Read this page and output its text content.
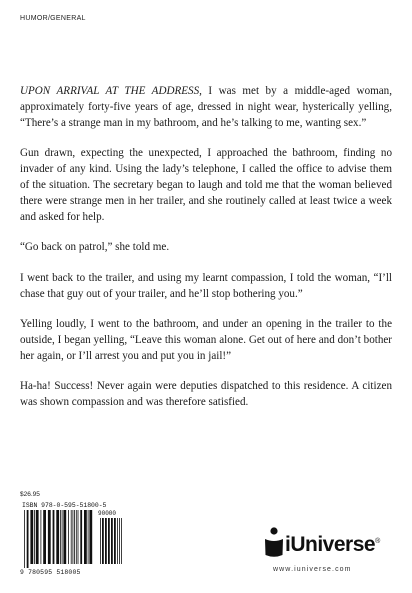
HUMOR/GENERAL

UPON ARRIVAL AT THE ADDRESS, I was met by a middle-aged woman, approximately forty-five years of age, dressed in night wear, hysterically yelling, “There’s a strange man in my bathroom, and he’s talking to me, wanting sex.”

Gun drawn, expecting the unexpected, I approached the bathroom, finding no invader of any kind. Using the lady’s telephone, I called the office to advise them of the situation. The secretary began to laugh and told me that the woman believed there were strange men in her trailer, and she routinely called at least twice a week and asked for help.

“Go back on patrol,” she told me.

I went back to the trailer, and using my learnt compassion, I told the woman, “I’ll chase that guy out of your trailer, and he’ll stop bothering you.”

Yelling loudly, I went to the bathroom, and under an opening in the trailer to the outside, I began yelling, “Leave this woman alone. Get out of here and don’t bother her again, or I’ll arrest you and put you in jail!”

Ha-ha! Success! Never again were deputies dispatched to this residence. A citizen was shown compassion and was therefore satisfied.

$26.95
ISBN 978-0-595-51800-5
90000
9 780595 518005
iUniverse®
www.iuniverse.com
